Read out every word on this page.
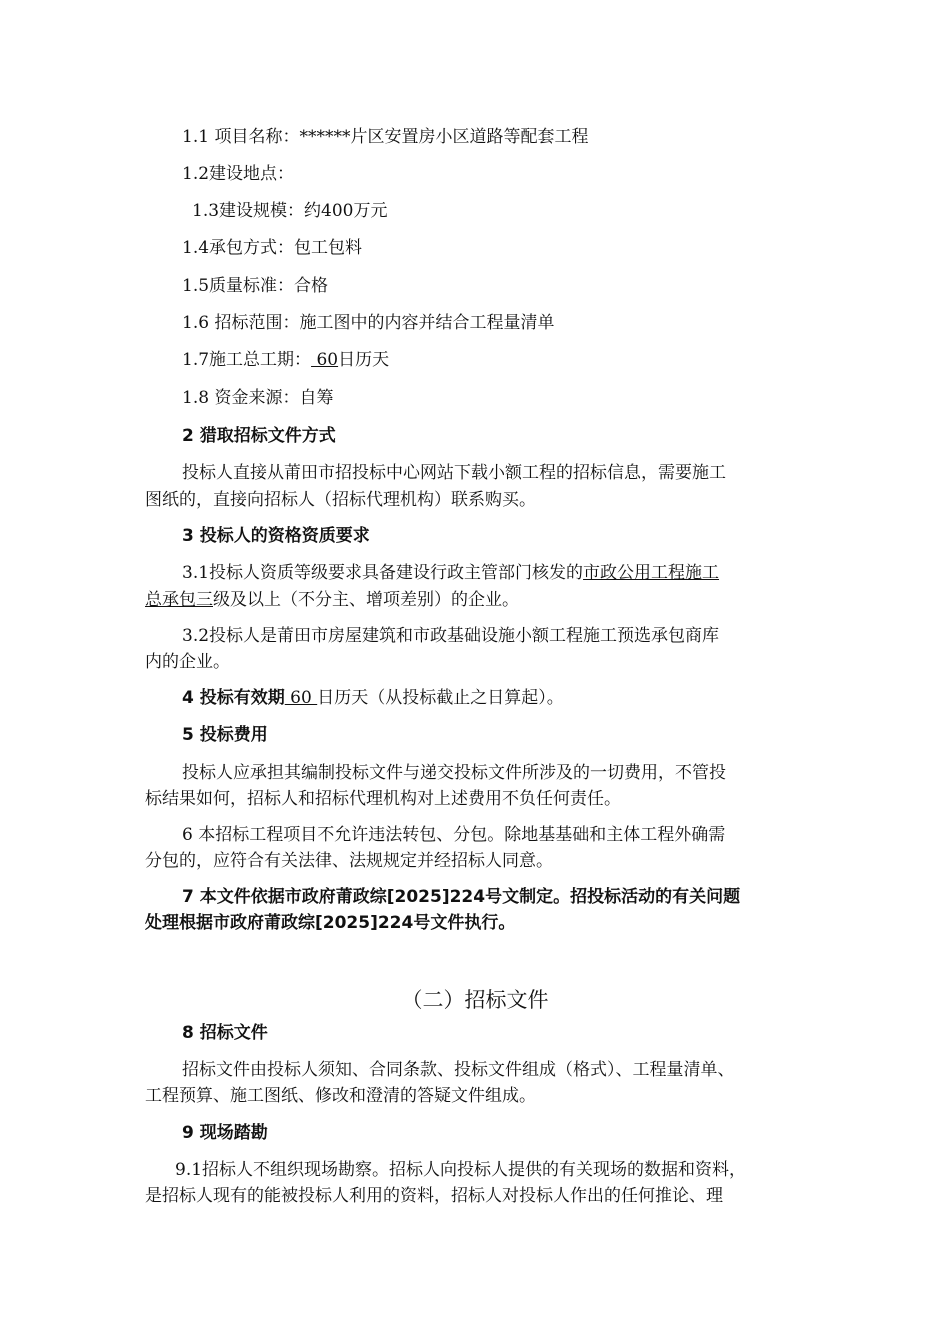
1.1 项目名称：******片区安置房小区道路等配套工程
1.2建设地点：
1.3建设规模：约400万元
1.4承包方式：包工包料
1.5质量标准：合格
1.6 招标范围：施工图中的内容并结合工程量清单
1.7施工总工期： 60日历天
1.8 资金来源：自筹
2 猎取招标文件方式
投标人直接从莆田市招投标中心网站下载小额工程的招标信息，需要施工
图纸的，直接向招标人（招标代理机构）联系购买。
3 投标人的资格资质要求
3.1投标人资质等级要求具备建设行政主管部门核发的市政公用工程施工
总承包三级及以上（不分主、增项差别）的企业。
3.2投标人是莆田市房屋建筑和市政基础设施小额工程施工预选承包商库
内的企业。
4 投标有效期 60 日历天（从投标截止之日算起）。
5 投标费用
投标人应承担其编制投标文件与递交投标文件所涉及的一切费用，不管投
标结果如何，招标人和招标代理机构对上述费用不负任何责任。
6 本招标工程项目不允许违法转包、分包。除地基基础和主体工程外确需
分包的，应符合有关法律、法规规定并经招标人同意。
7 本文件依据市政府莆政综[2025]224号文制定。招投标活动的有关问题
处理根据市政府莆政综[2025]224号文件执行。
（二）招标文件
8 招标文件
招标文件由投标人须知、合同条款、投标文件组成（格式）、工程量清单、
工程预算、施工图纸、修改和澄清的答疑文件组成。
9 现场踏勘
9.1招标人不组织现场勘察。招标人向投标人提供的有关现场的数据和资料，
是招标人现有的能被投标人利用的资料，招标人对投标人作出的任何推论、理
